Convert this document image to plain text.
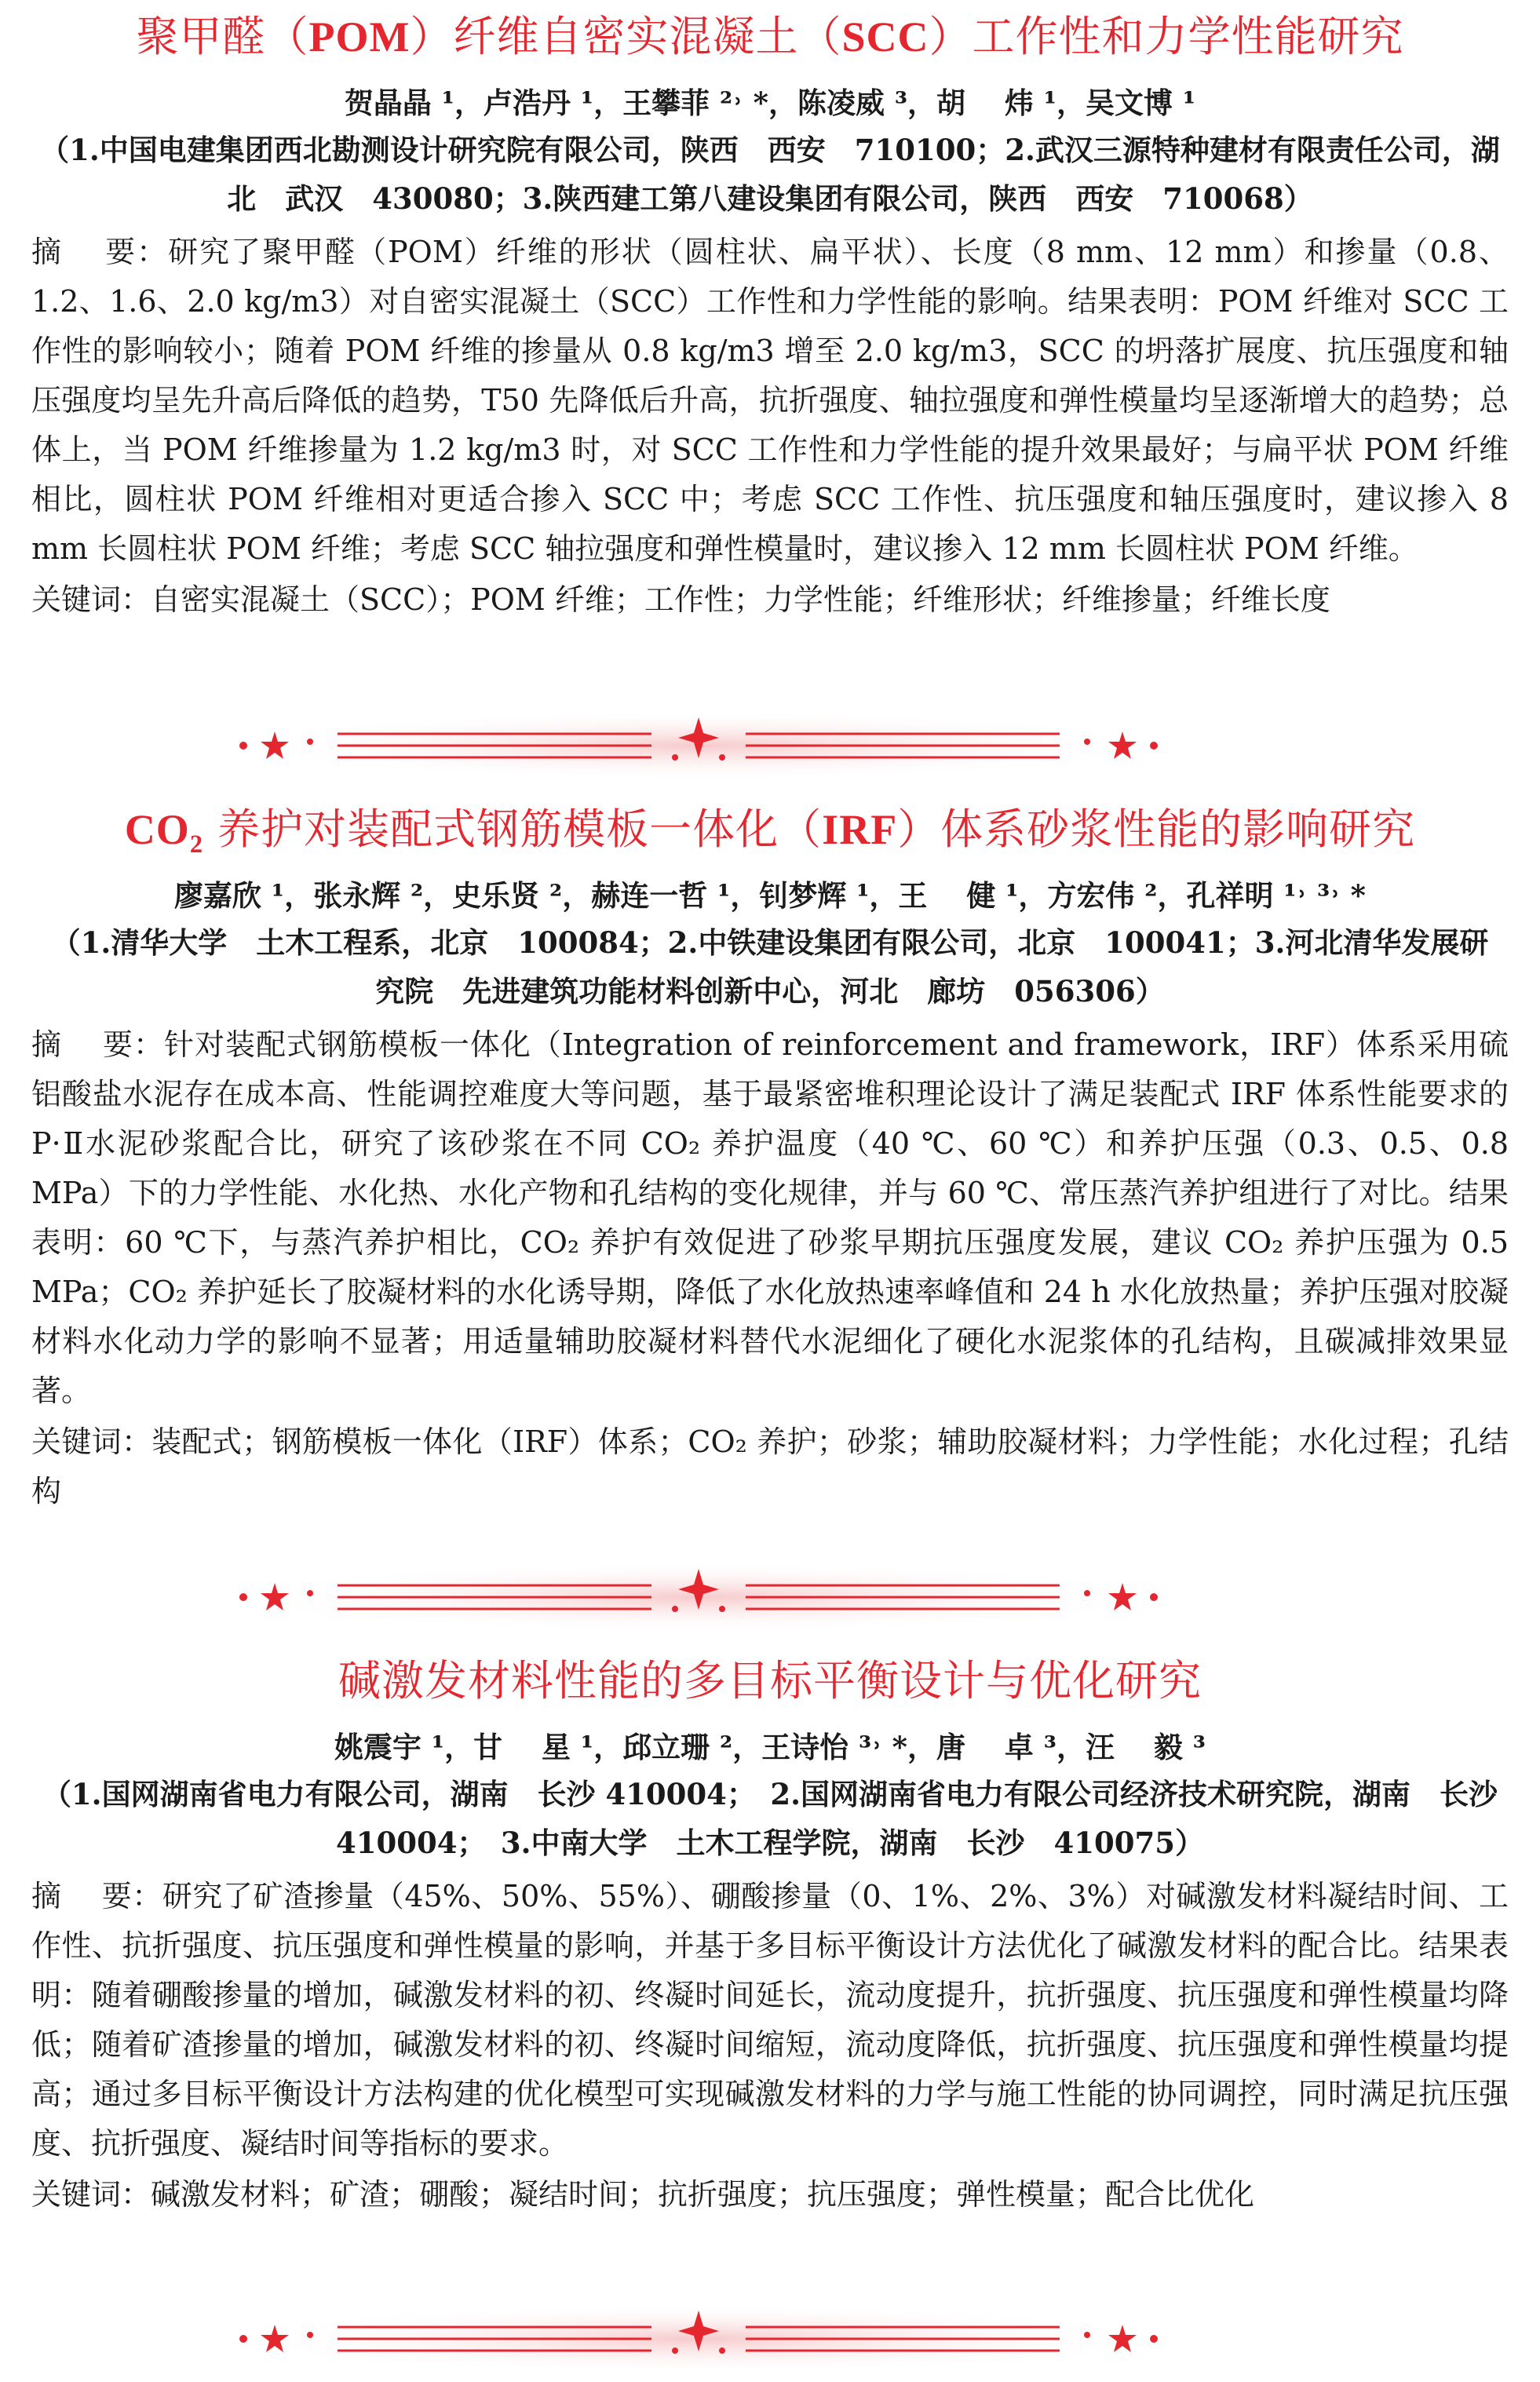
聚甲醛（POM）纤维自密实混凝土（SCC）工作性和力学性能研究
贺晶晶 ¹，卢浩丹 ¹，王攀菲 ²˒ *，陈凌威 ³，胡　 炜 ¹，吴文博 ¹
（1.中国电建集团西北勘测设计研究院有限公司，陕西　西安　710100；2.武汉三源特种建材有限责任公司，湖北　武汉　430080；3.陕西建工第八建设集团有限公司，陕西　西安　710068）
摘　 要：研究了聚甲醛（POM）纤维的形状（圆柱状、扁平状）、长度（8 mm、12 mm）和掺量（0.8、1.2、1.6、2.0 kg/m3）对自密实混凝土（SCC）工作性和力学性能的影响。结果表明：POM 纤维对 SCC 工作性的影响较小；随着 POM 纤维的掺量从 0.8 kg/m3 增至 2.0 kg/m3，SCC 的坍落扩展度、抗压强度和轴压强度均呈先升高后降低的趋势，T50 先降低后升高，抗折强度、轴拉强度和弹性模量均呈逐渐增大的趋势；总体上，当 POM 纤维掺量为 1.2 kg/m3 时，对 SCC 工作性和力学性能的提升效果最好；与扁平状 POM 纤维相比，圆柱状 POM 纤维相对更适合掺入 SCC 中；考虑 SCC 工作性、抗压强度和轴压强度时，建议掺入 8 mm 长圆柱状 POM 纤维；考虑 SCC 轴拉强度和弹性模量时，建议掺入 12 mm 长圆柱状 POM 纤维。
关键词：自密实混凝土（SCC）；POM 纤维；工作性；力学性能；纤维形状；纤维掺量；纤维长度
CO₂ 养护对装配式钢筋模板一体化（IRF）体系砂浆性能的影响研究
廖嘉欣 ¹，张永辉 ²，史乐贤 ²，赫连一哲 ¹，钊梦辉 ¹，王　 健 ¹，方宏伟 ²，孔祥明 ¹˒ ³˒ *
（1.清华大学　土木工程系，北京　100084；2.中铁建设集团有限公司，北京　100041；3.河北清华发展研究院　先进建筑功能材料创新中心，河北　廊坊　056306）
摘　 要：针对装配式钢筋模板一体化（Integration of reinforcement and framework，IRF）体系采用硫铝酸盐水泥存在成本高、性能调控难度大等问题，基于最紧密堆积理论设计了满足装配式 IRF 体系性能要求的 P·Ⅱ水泥砂浆配合比，研究了该砂浆在不同 CO₂ 养护温度（40 ℃、60 ℃）和养护压强（0.3、0.5、0.8 MPa）下的力学性能、水化热、水化产物和孔结构的变化规律，并与 60 ℃、常压蒸汽养护组进行了对比。结果表明：60 ℃下，与蒸汽养护相比，CO₂ 养护有效促进了砂浆早期抗压强度发展，建议 CO₂ 养护压强为 0.5 MPa；CO₂ 养护延长了胶凝材料的水化诱导期，降低了水化放热速率峰值和 24 h 水化放热量；养护压强对胶凝材料水化动力学的影响不显著；用适量辅助胶凝材料替代水泥细化了硬化水泥浆体的孔结构，且碳减排效果显著。
关键词：装配式；钢筋模板一体化（IRF）体系；CO₂ 养护；砂浆；辅助胶凝材料；力学性能；水化过程；孔结构
碱激发材料性能的多目标平衡设计与优化研究
姚震宇 ¹，甘　 星 ¹，邱立珊 ²，王诗怡 ³˒ *，唐　 卓 ³，汪　 毅 ³
（1.国网湖南省电力有限公司，湖南　长沙 410004；　2.国网湖南省电力有限公司经济技术研究院，湖南　长沙　410004；　3.中南大学　土木工程学院，湖南　长沙　410075）
摘　 要：研究了矿渣掺量（45%、50%、55%）、硼酸掺量（0、1%、2%、3%）对碱激发材料凝结时间、工作性、抗折强度、抗压强度和弹性模量的影响，并基于多目标平衡设计方法优化了碱激发材料的配合比。结果表明：随着硼酸掺量的增加，碱激发材料的初、终凝时间延长，流动度提升，抗折强度、抗压强度和弹性模量均降低；随着矿渣掺量的增加，碱激发材料的初、终凝时间缩短，流动度降低，抗折强度、抗压强度和弹性模量均提高；通过多目标平衡设计方法构建的优化模型可实现碱激发材料的力学与施工性能的协同调控，同时满足抗压强度、抗折强度、凝结时间等指标的要求。
关键词：碱激发材料；矿渣；硼酸；凝结时间；抗折强度；抗压强度；弹性模量；配合比优化
